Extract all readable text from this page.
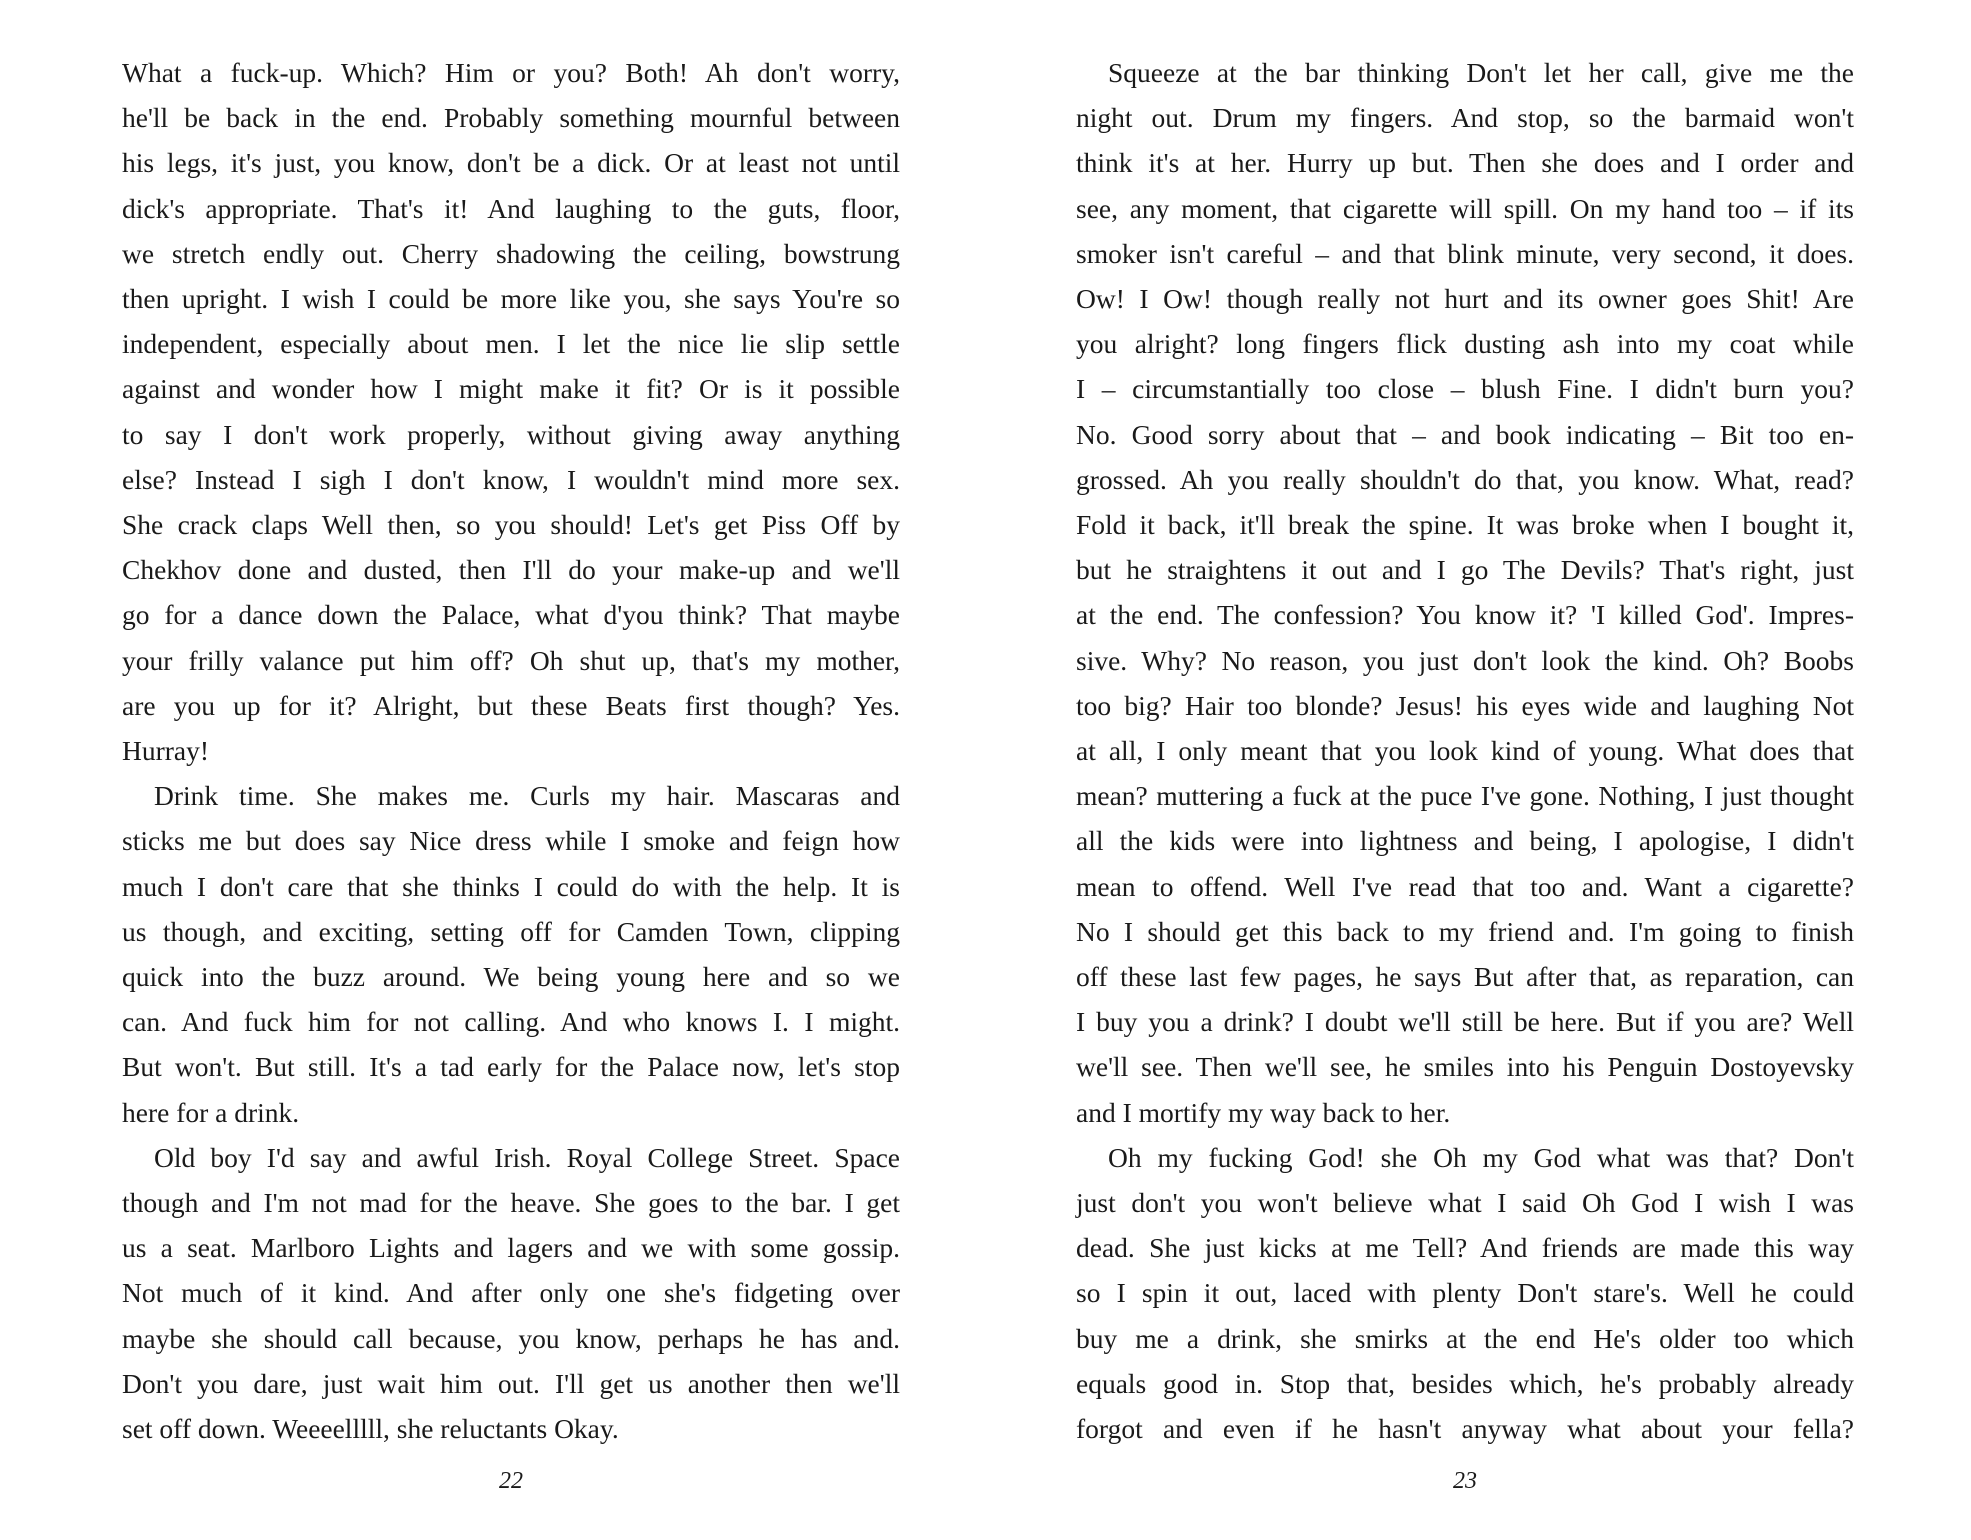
What a fuck-up. Which? Him or you? Both! Ah don't worry,
he'll be back in the end. Probably something mournful between
his legs, it's just, you know, don't be a dick. Or at least not until
dick's appropriate. That's it! And laughing to the guts, floor,
we stretch endly out. Cherry shadowing the ceiling, bowstrung
then upright. I wish I could be more like you, she says You're so
independent, especially about men. I let the nice lie slip settle
against and wonder how I might make it fit? Or is it possible
to say I don't work properly, without giving away anything
else? Instead I sigh I don't know, I wouldn't mind more sex.
She crack claps Well then, so you should! Let's get Piss Off by
Chekhov done and dusted, then I'll do your make-up and we'll
go for a dance down the Palace, what d'you think? That maybe
your frilly valance put him off? Oh shut up, that's my mother,
are you up for it? Alright, but these Beats first though? Yes.
Hurray!
Drink time. She makes me. Curls my hair. Mascaras and
sticks me but does say Nice dress while I smoke and feign how
much I don't care that she thinks I could do with the help. It is
us though, and exciting, setting off for Camden Town, clipping
quick into the buzz around. We being young here and so we
can. And fuck him for not calling. And who knows I. I might.
But won't. But still. It's a tad early for the Palace now, let's stop
here for a drink.
Old boy I'd say and awful Irish. Royal College Street. Space
though and I'm not mad for the heave. She goes to the bar. I get
us a seat. Marlboro Lights and lagers and we with some gossip.
Not much of it kind. And after only one she's fidgeting over
maybe she should call because, you know, perhaps he has and.
Don't you dare, just wait him out. I'll get us another then we'll
set off down. Weeeelllll, she reluctants Okay.
22
Squeeze at the bar thinking Don't let her call, give me the
night out. Drum my fingers. And stop, so the barmaid won't
think it's at her. Hurry up but. Then she does and I order and
see, any moment, that cigarette will spill. On my hand too – if its
smoker isn't careful – and that blink minute, very second, it does.
Ow! I Ow! though really not hurt and its owner goes Shit! Are
you alright? long fingers flick dusting ash into my coat while
I – circumstantially too close – blush Fine. I didn't burn you?
No. Good sorry about that – and book indicating – Bit too en-
grossed. Ah you really shouldn't do that, you know. What, read?
Fold it back, it'll break the spine. It was broke when I bought it,
but he straightens it out and I go The Devils? That's right, just
at the end. The confession? You know it? 'I killed God'. Impres-
sive. Why? No reason, you just don't look the kind. Oh? Boobs
too big? Hair too blonde? Jesus! his eyes wide and laughing Not
at all, I only meant that you look kind of young. What does that
mean? muttering a fuck at the puce I've gone. Nothing, I just thought
all the kids were into lightness and being, I apologise, I didn't
mean to offend. Well I've read that too and. Want a cigarette?
No I should get this back to my friend and. I'm going to finish
off these last few pages, he says But after that, as reparation, can
I buy you a drink? I doubt we'll still be here. But if you are? Well
we'll see. Then we'll see, he smiles into his Penguin Dostoyevsky
and I mortify my way back to her.
Oh my fucking God! she Oh my God what was that? Don't
just don't you won't believe what I said Oh God I wish I was
dead. She just kicks at me Tell? And friends are made this way
so I spin it out, laced with plenty Don't stare's. Well he could
buy me a drink, she smirks at the end He's older too which
equals good in. Stop that, besides which, he's probably already
forgot and even if he hasn't anyway what about your fella?
23
